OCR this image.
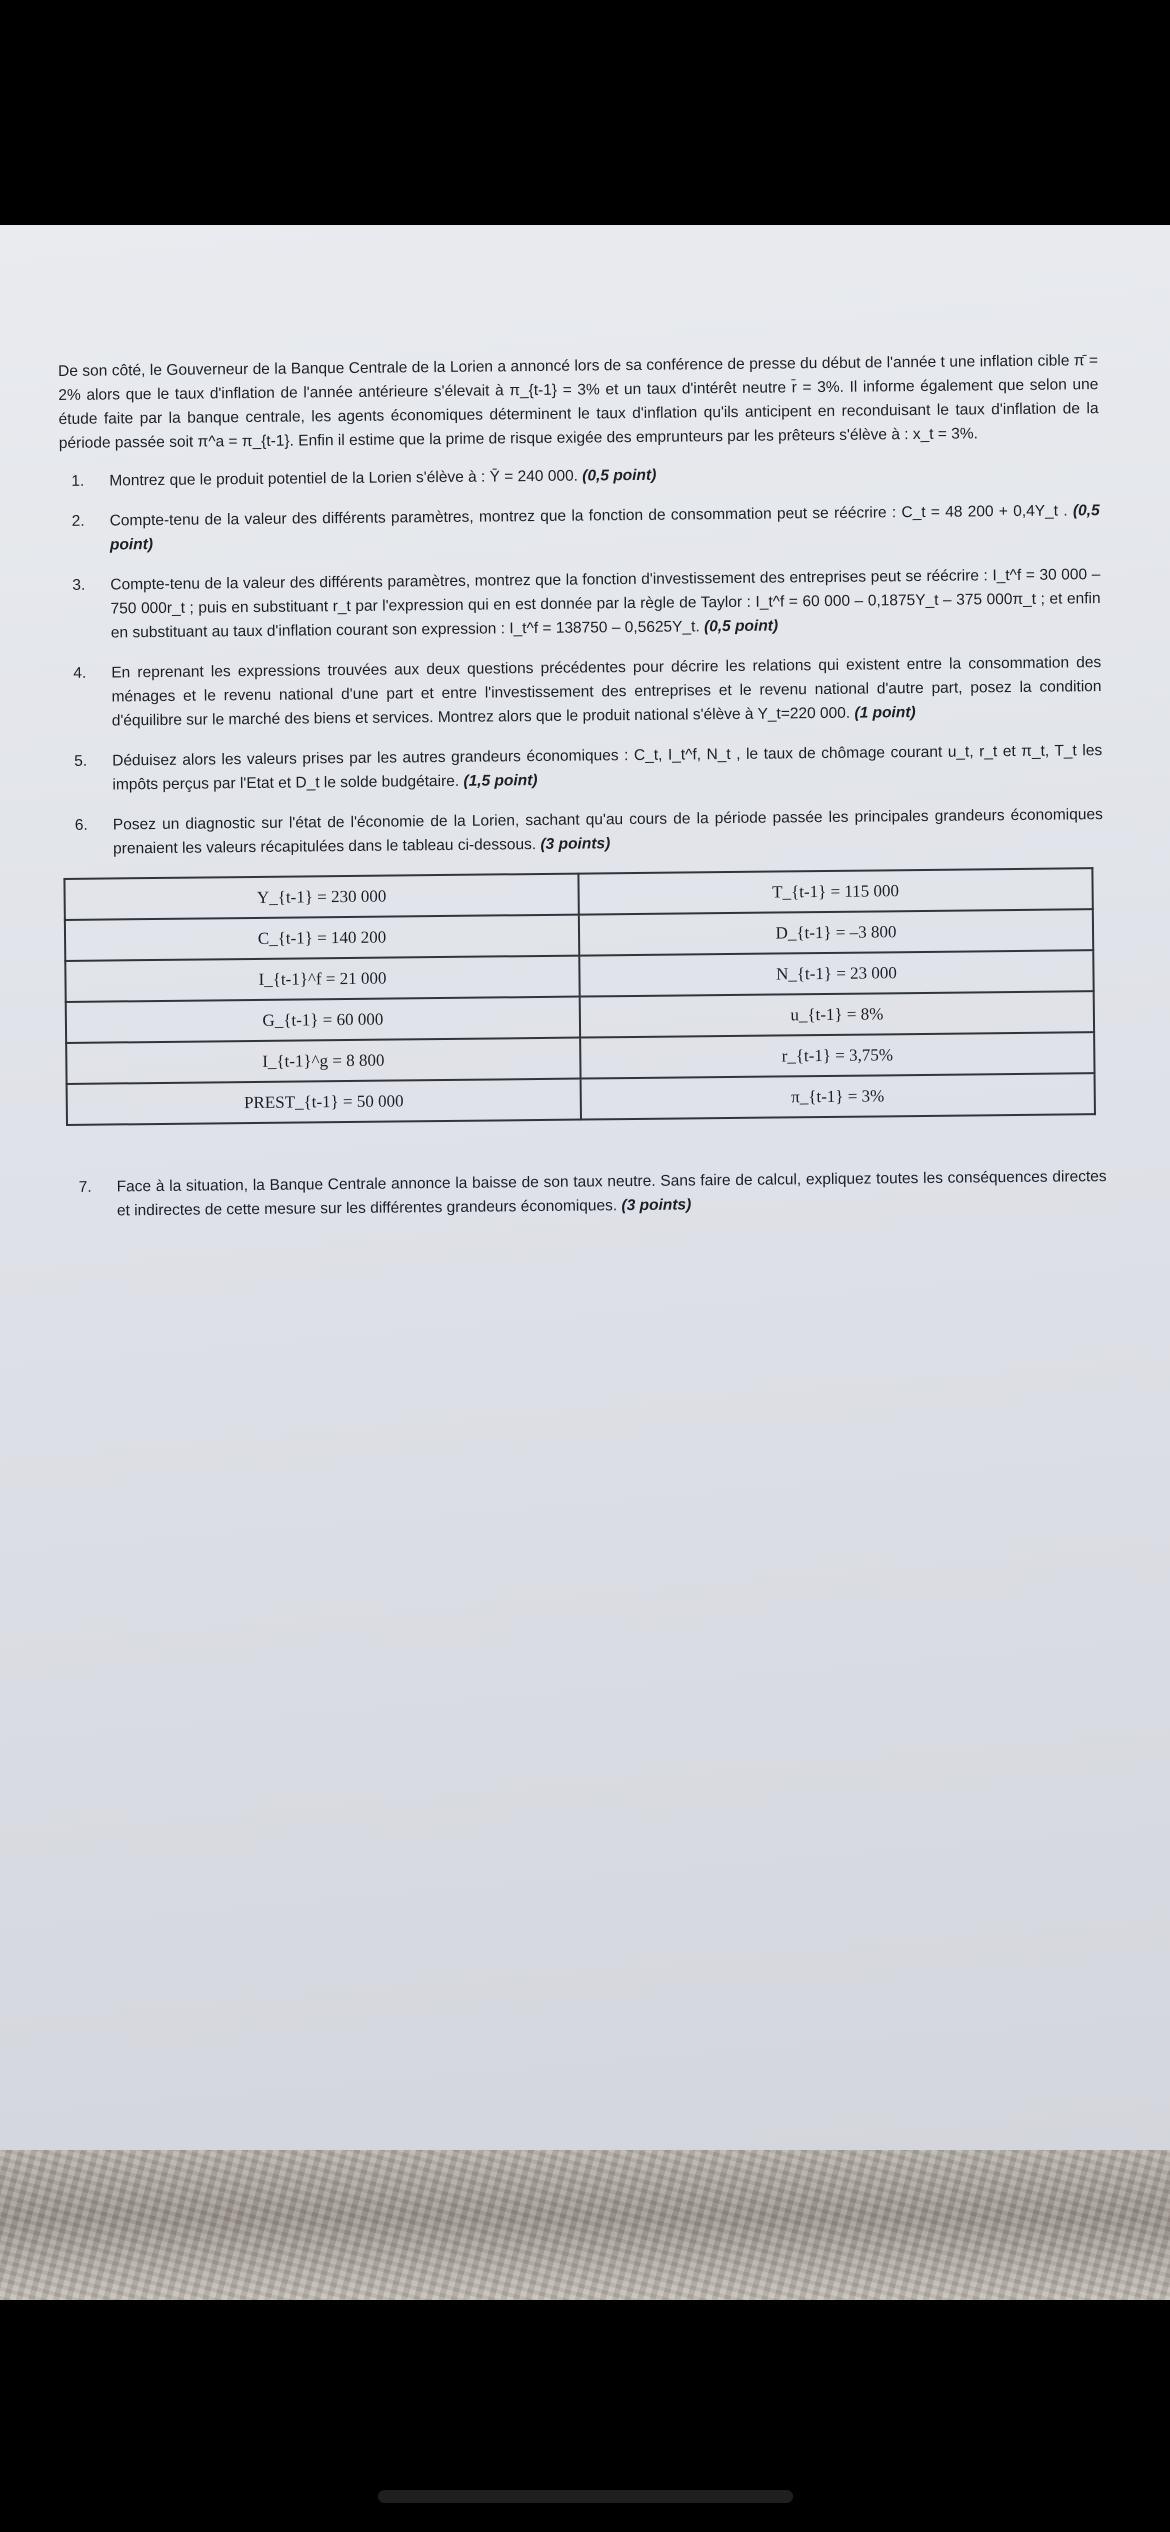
De son côté, le Gouverneur de la Banque Centrale de la Lorien a annoncé lors de sa conférence de presse du début de l'année t une inflation cible π̄ = 2% alors que le taux d'inflation de l'année antérieure s'élevait à π_{t-1} = 3% et un taux d'intérêt neutre r̄ = 3%. Il informe également que selon une étude faite par la banque centrale, les agents économiques déterminent le taux d'inflation qu'ils anticipent en reconduisant le taux d'inflation de la période passée soit π^a = π_{t-1}. Enfin il estime que la prime de risque exigée des emprunteurs par les prêteurs s'élève à : x_t = 3%.

1. Montrez que le produit potentiel de la Lorien s'élève à : Ȳ = 240 000. (0,5 point)
2. Compte-tenu de la valeur des différents paramètres, montrez que la fonction de consommation peut se réécrire : C_t = 48 200 + 0,4Y_t . (0,5 point)
3. Compte-tenu de la valeur des différents paramètres, montrez que la fonction d'investissement des entreprises peut se réécrire : I_t^f = 30 000 – 750 000r_t ; puis en substituant r_t par l'expression qui en est donnée par la règle de Taylor : I_t^f = 60 000 – 0,1875Y_t – 375 000π_t ; et enfin en substituant au taux d'inflation courant son expression : I_t^f = 138750 – 0,5625Y_t. (0,5 point)
4. En reprenant les expressions trouvées aux deux questions précédentes pour décrire les relations qui existent entre la consommation des ménages et le revenu national d'une part et entre l'investissement des entreprises et le revenu national d'autre part, posez la condition d'équilibre sur le marché des biens et services. Montrez alors que le produit national s'élève à Y_t=220 000. (1 point)
5. Déduisez alors les valeurs prises par les autres grandeurs économiques : C_t, I_t^f, N_t , le taux de chômage courant u_t, r_t et π_t, T_t les impôts perçus par l'Etat et D_t le solde budgétaire. (1,5 point)
6. Posez un diagnostic sur l'état de l'économie de la Lorien, sachant qu'au cours de la période passée les principales grandeurs économiques prenaient les valeurs récapitulées dans le tableau ci-dessous. (3 points)
Y_{t-1} = 230 000	T_{t-1} = 115 000
C_{t-1} = 140 200	D_{t-1} = –3 800
I_{t-1}^f = 21 000	N_{t-1} = 23 000
G_{t-1} = 60 000	u_{t-1} = 8%
I_{t-1}^g = 8 800	r_{t-1} = 3,75%
PREST_{t-1} = 50 000	π_{t-1} = 3%
7. Face à la situation, la Banque Centrale annonce la baisse de son taux neutre. Sans faire de calcul, expliquez toutes les conséquences directes et indirectes de cette mesure sur les différentes grandeurs économiques. (3 points)
